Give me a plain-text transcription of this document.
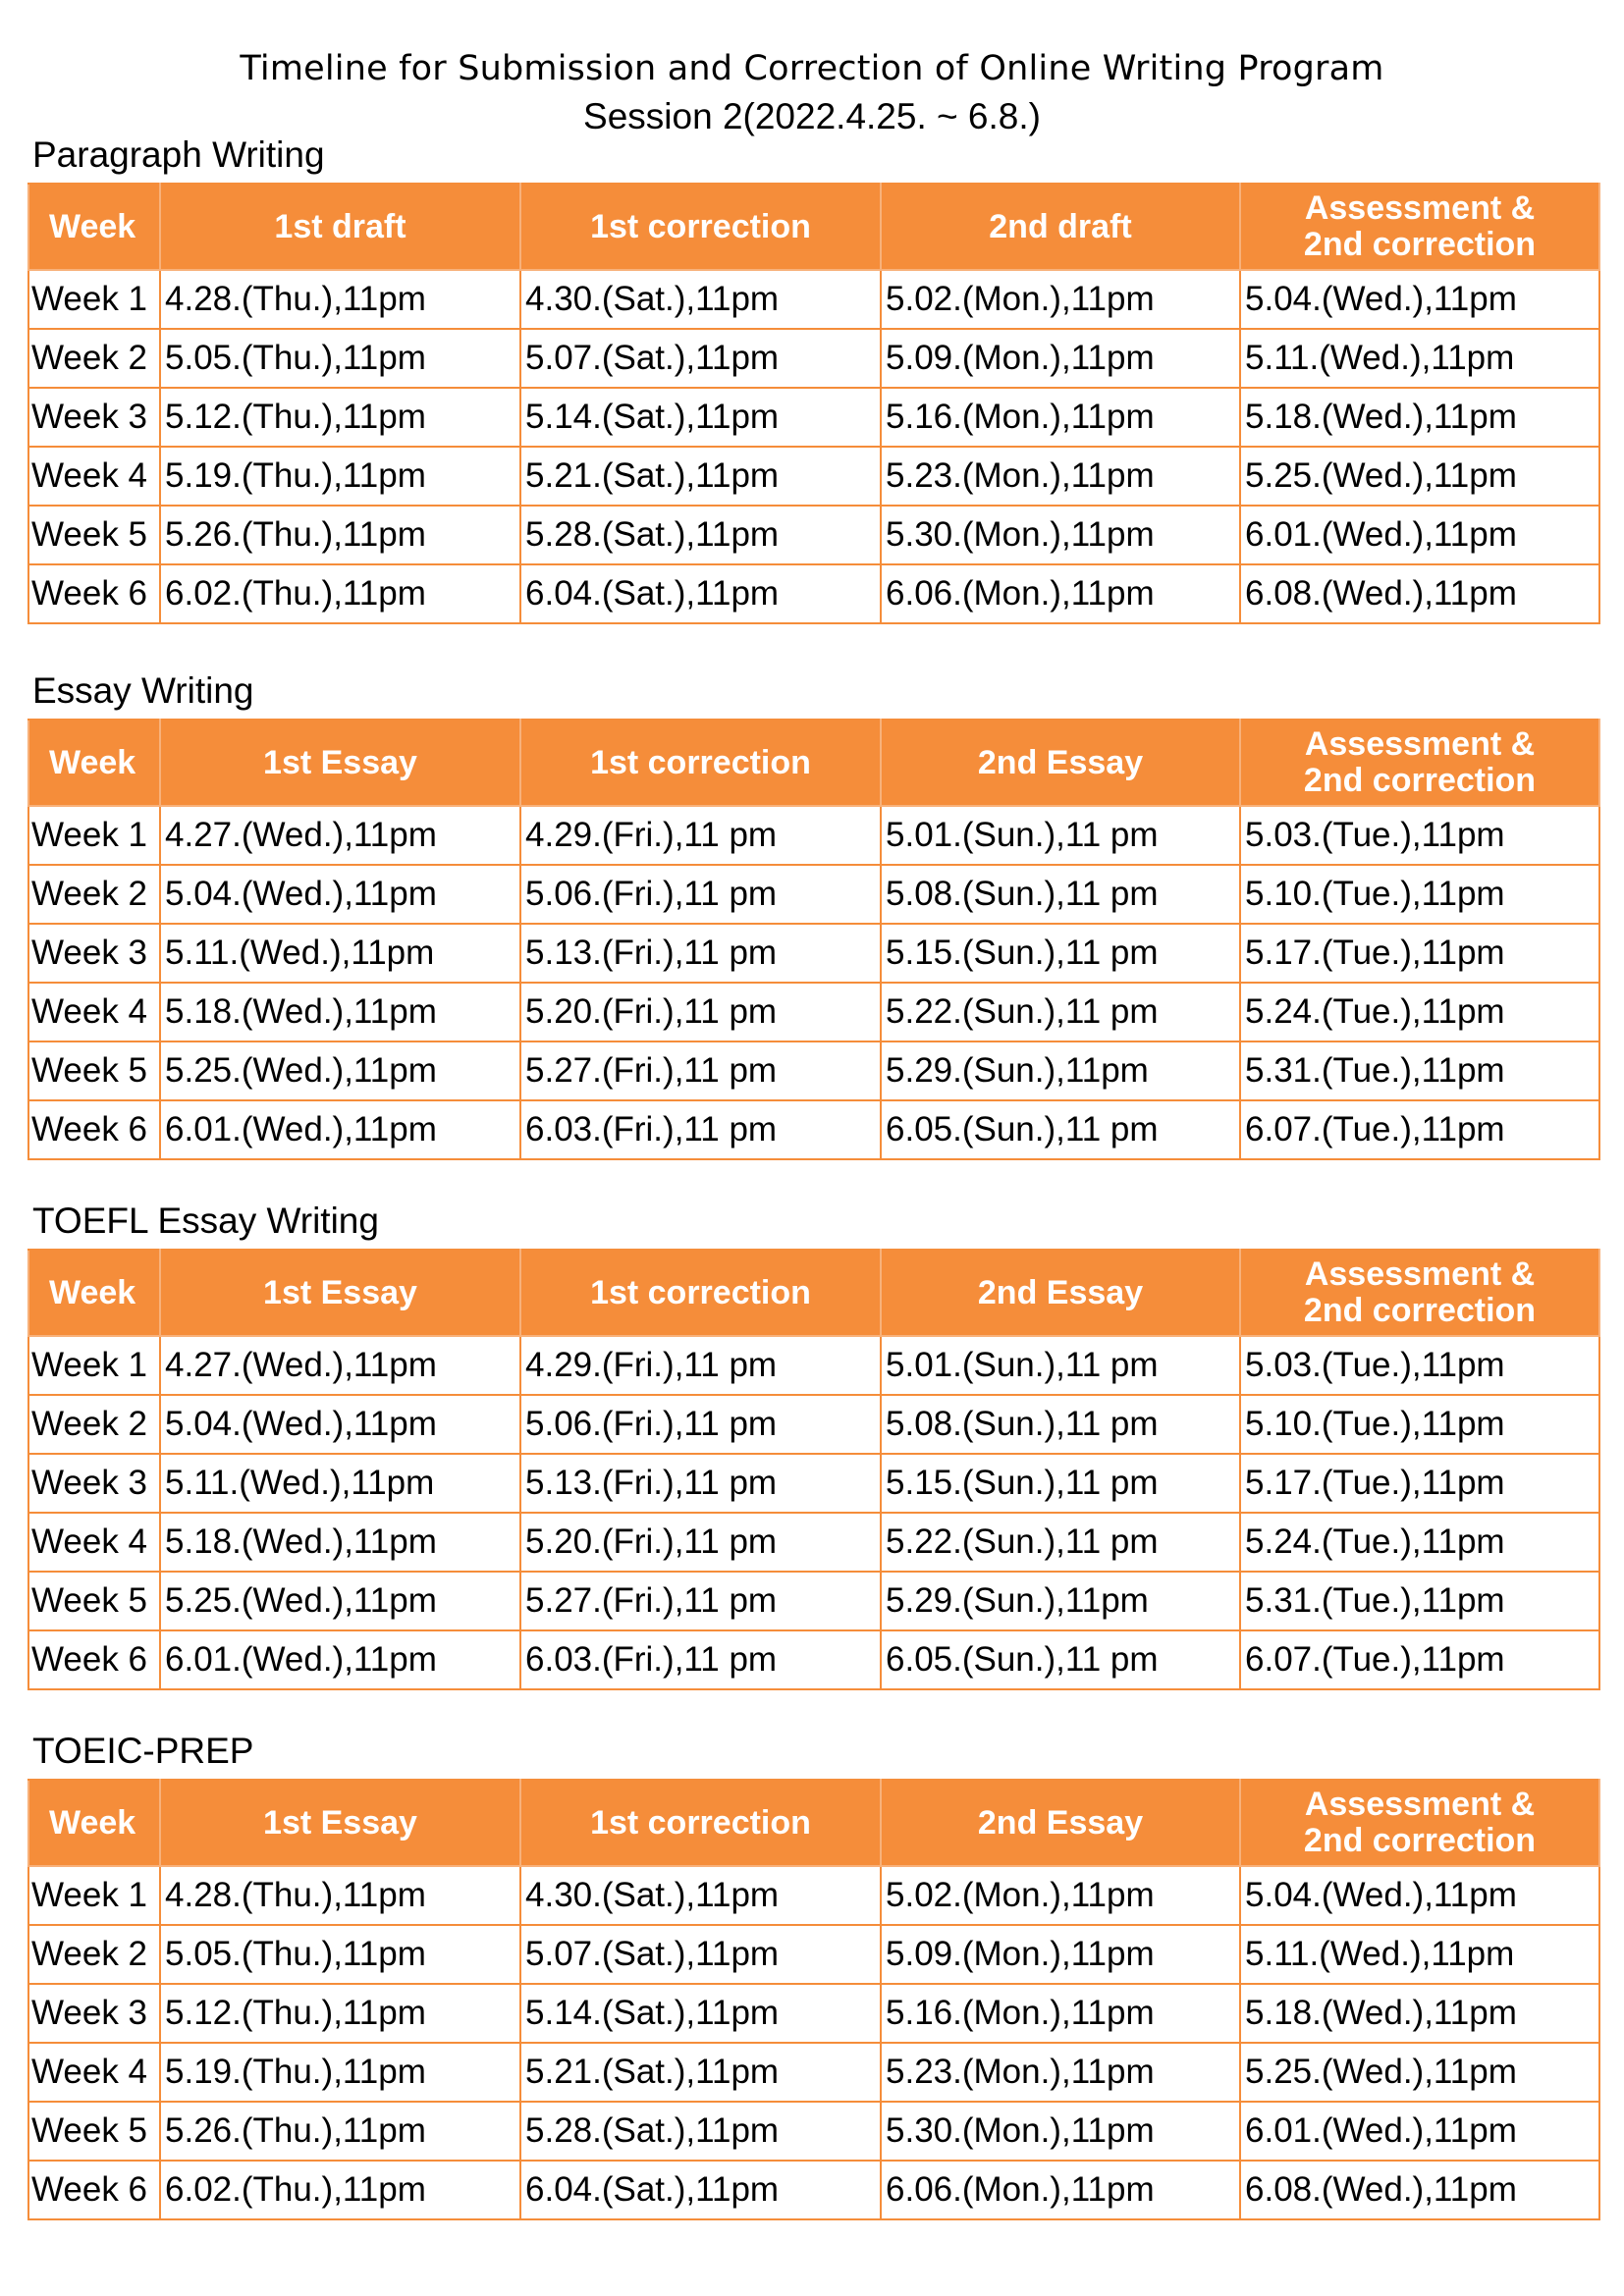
Timeline for Submission and Correction of Online Writing Program
Session 2(2022.4.25. ~ 6.8.)
Paragraph Writing
Week	1st draft	1st correction	2nd draft	Assessment &
2nd correction
Week 1	4.28.(Thu.),11pm	4.30.(Sat.),11pm	5.02.(Mon.),11pm	5.04.(Wed.),11pm
Week 2	5.05.(Thu.),11pm	5.07.(Sat.),11pm	5.09.(Mon.),11pm	5.11.(Wed.),11pm
Week 3	5.12.(Thu.),11pm	5.14.(Sat.),11pm	5.16.(Mon.),11pm	5.18.(Wed.),11pm
Week 4	5.19.(Thu.),11pm	5.21.(Sat.),11pm	5.23.(Mon.),11pm	5.25.(Wed.),11pm
Week 5	5.26.(Thu.),11pm	5.28.(Sat.),11pm	5.30.(Mon.),11pm	6.01.(Wed.),11pm
Week 6	6.02.(Thu.),11pm	6.04.(Sat.),11pm	6.06.(Mon.),11pm	6.08.(Wed.),11pm
Essay Writing
Week	1st Essay	1st correction	2nd Essay	Assessment &
2nd correction
Week 1	4.27.(Wed.),11pm	4.29.(Fri.),11 pm	5.01.(Sun.),11 pm	5.03.(Tue.),11pm
Week 2	5.04.(Wed.),11pm	5.06.(Fri.),11 pm	5.08.(Sun.),11 pm	5.10.(Tue.),11pm
Week 3	5.11.(Wed.),11pm	5.13.(Fri.),11 pm	5.15.(Sun.),11 pm	5.17.(Tue.),11pm
Week 4	5.18.(Wed.),11pm	5.20.(Fri.),11 pm	5.22.(Sun.),11 pm	5.24.(Tue.),11pm
Week 5	5.25.(Wed.),11pm	5.27.(Fri.),11 pm	5.29.(Sun.),11pm	5.31.(Tue.),11pm
Week 6	6.01.(Wed.),11pm	6.03.(Fri.),11 pm	6.05.(Sun.),11 pm	6.07.(Tue.),11pm
TOEFL Essay Writing
Week	1st Essay	1st correction	2nd Essay	Assessment &
2nd correction
Week 1	4.27.(Wed.),11pm	4.29.(Fri.),11 pm	5.01.(Sun.),11 pm	5.03.(Tue.),11pm
Week 2	5.04.(Wed.),11pm	5.06.(Fri.),11 pm	5.08.(Sun.),11 pm	5.10.(Tue.),11pm
Week 3	5.11.(Wed.),11pm	5.13.(Fri.),11 pm	5.15.(Sun.),11 pm	5.17.(Tue.),11pm
Week 4	5.18.(Wed.),11pm	5.20.(Fri.),11 pm	5.22.(Sun.),11 pm	5.24.(Tue.),11pm
Week 5	5.25.(Wed.),11pm	5.27.(Fri.),11 pm	5.29.(Sun.),11pm	5.31.(Tue.),11pm
Week 6	6.01.(Wed.),11pm	6.03.(Fri.),11 pm	6.05.(Sun.),11 pm	6.07.(Tue.),11pm
TOEIC-PREP
Week	1st Essay	1st correction	2nd Essay	Assessment &
2nd correction
Week 1	4.28.(Thu.),11pm	4.30.(Sat.),11pm	5.02.(Mon.),11pm	5.04.(Wed.),11pm
Week 2	5.05.(Thu.),11pm	5.07.(Sat.),11pm	5.09.(Mon.),11pm	5.11.(Wed.),11pm
Week 3	5.12.(Thu.),11pm	5.14.(Sat.),11pm	5.16.(Mon.),11pm	5.18.(Wed.),11pm
Week 4	5.19.(Thu.),11pm	5.21.(Sat.),11pm	5.23.(Mon.),11pm	5.25.(Wed.),11pm
Week 5	5.26.(Thu.),11pm	5.28.(Sat.),11pm	5.30.(Mon.),11pm	6.01.(Wed.),11pm
Week 6	6.02.(Thu.),11pm	6.04.(Sat.),11pm	6.06.(Mon.),11pm	6.08.(Wed.),11pm
